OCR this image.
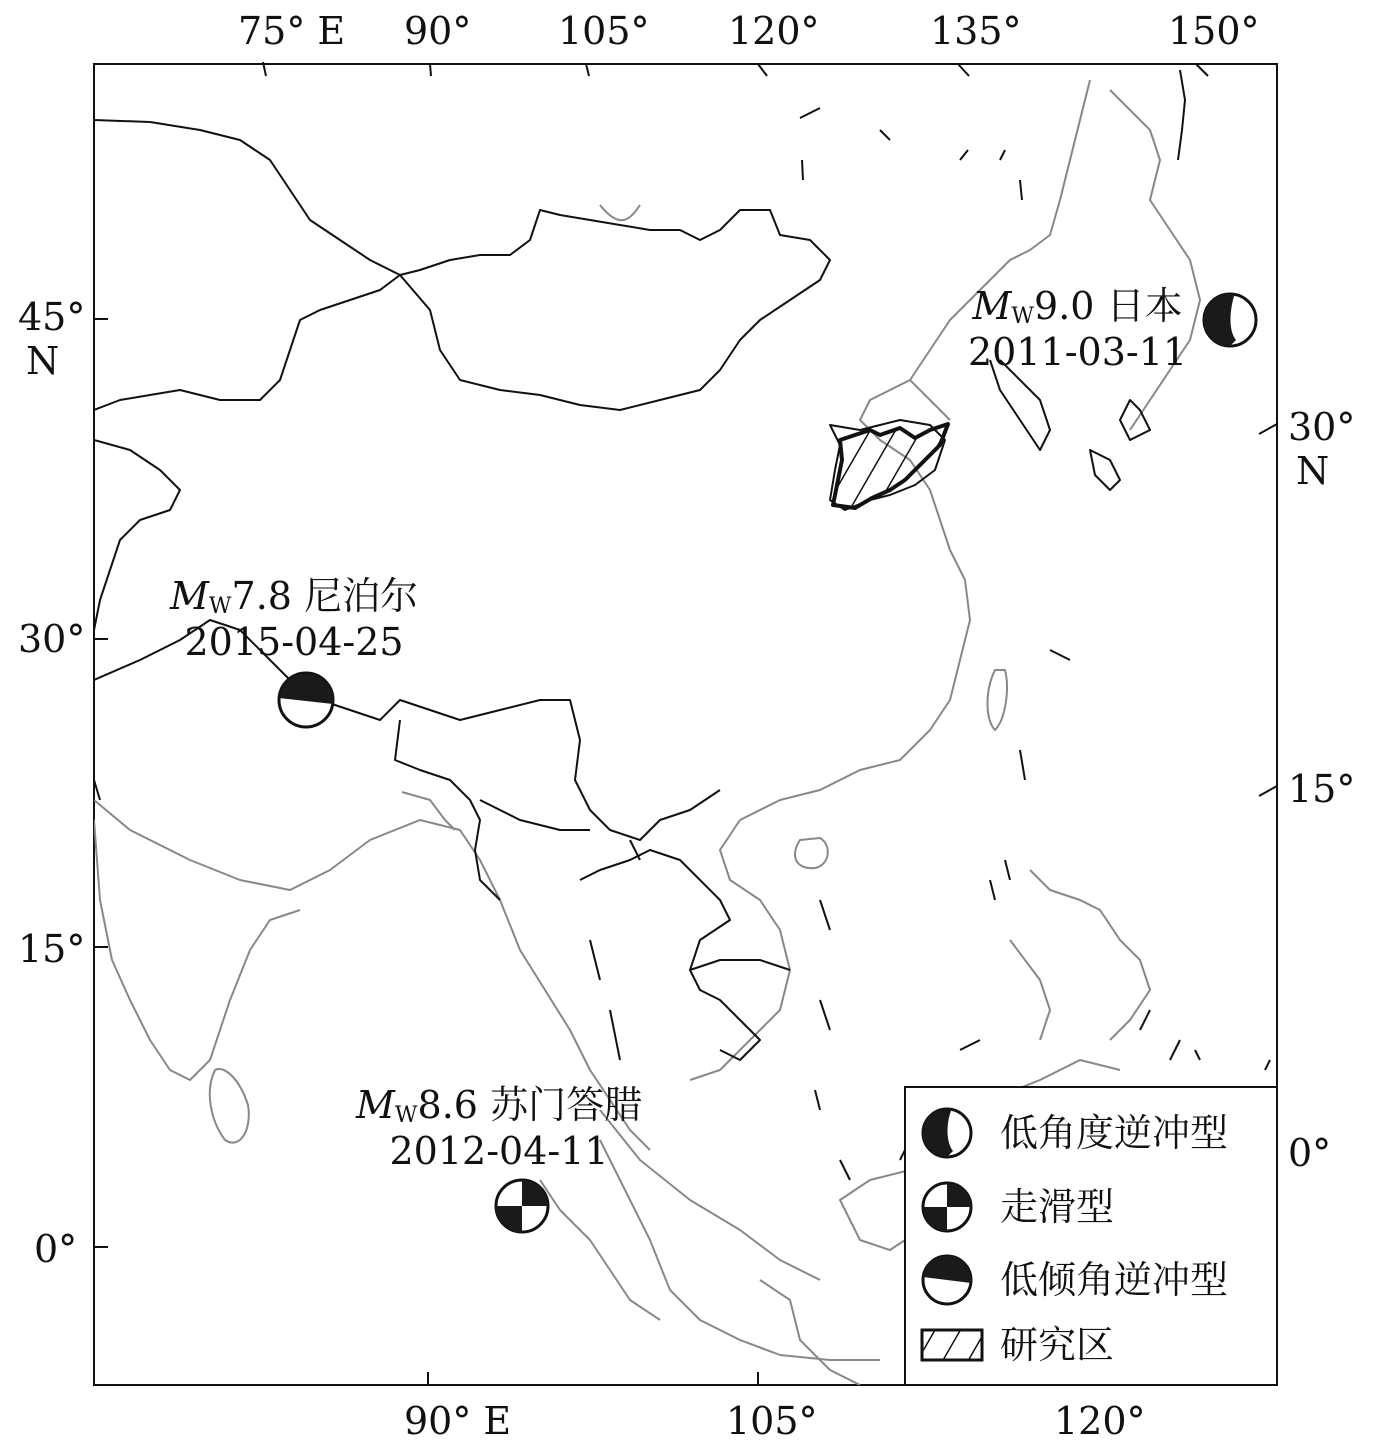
75° E 90° 105° 120°	135°	150°
90° E	105°	120°
45°
N
30°
15°
0°
30°
N
15°
0°
$M_W9.0$ 日本
2011-03-11
$M_W7.8$ 尼泊尔
2015-04-25
$M_W8.6$ 苏门答腊
2012-04-11	低角度逆冲型
走滑型
低倾角逆冲型
研究区
